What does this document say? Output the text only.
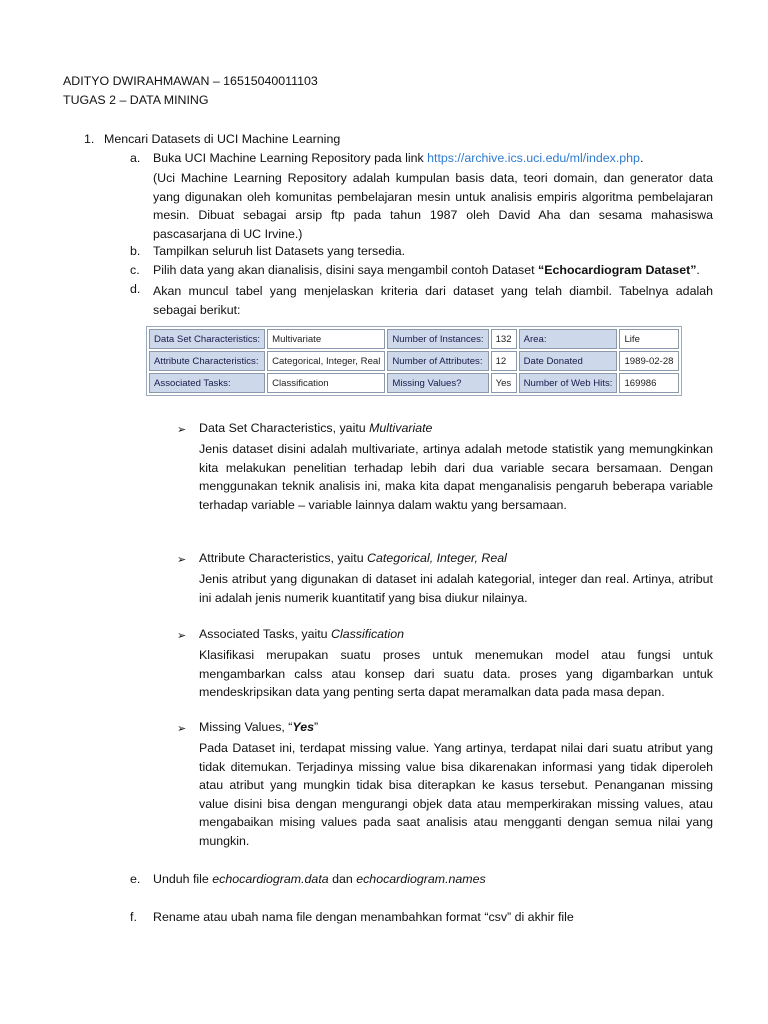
ADITYO DWIRAHMAWAN – 16515040011103
TUGAS 2 – DATA MINING
1. Mencari Datasets di UCI Machine Learning
a. Buka UCI Machine Learning Repository pada link https://archive.ics.uci.edu/ml/index.php.
(Uci Machine Learning Repository adalah kumpulan basis data, teori domain, dan generator data yang digunakan oleh komunitas pembelajaran mesin untuk analisis empiris algoritma pembelajaran mesin. Dibuat sebagai arsip ftp pada tahun 1987 oleh David Aha dan sesama mahasiswa pascasarjana di UC Irvine.)
b. Tampilkan seluruh list Datasets yang tersedia.
c. Pilih data yang akan dianalisis, disini saya mengambil contoh Dataset “Echocardiogram Dataset”.
d. Akan muncul tabel yang menjelaskan kriteria dari dataset yang telah diambil. Tabelnya adalah sebagai berikut:
Data Set Characteristics:	Multivariate	Number of Instances:	132	Area:	Life
Attribute Characteristics:	Categorical, Integer, Real	Number of Attributes:	12	Date Donated	1989-02-28
Associated Tasks:	Classification	Missing Values?	Yes	Number of Web Hits:	169986
➢ Data Set Characteristics, yaitu Multivariate
Jenis dataset disini adalah multivariate, artinya adalah metode statistik yang memungkinkan kita melakukan penelitian terhadap lebih dari dua variable secara bersamaan. Dengan menggunakan teknik analisis ini, maka kita dapat menganalisis pengaruh beberapa variable terhadap variable – variable lainnya dalam waktu yang bersamaan.
➢ Attribute Characteristics, yaitu Categorical, Integer, Real
Jenis atribut yang digunakan di dataset ini adalah kategorial, integer dan real. Artinya, atribut ini adalah jenis numerik kuantitatif yang bisa diukur nilainya.
➢ Associated Tasks, yaitu Classification
Klasifikasi merupakan suatu proses untuk menemukan model atau fungsi untuk mengambarkan calss atau konsep dari suatu data. proses yang digambarkan untuk mendeskripsikan data yang penting serta dapat meramalkan data pada masa depan.
➢ Missing Values, “Yes”
Pada Dataset ini, terdapat missing value. Yang artinya, terdapat nilai dari suatu atribut yang tidak ditemukan. Terjadinya missing value bisa dikarenakan informasi yang tidak diperoleh atau atribut yang mungkin tidak bisa diterapkan ke kasus tersebut. Penanganan missing value disini bisa dengan mengurangi objek data atau memperkirakan missing values, atau mengabaikan mising values pada saat analisis atau mengganti dengan semua nilai yang mungkin.
e. Unduh file echocardiogram.data dan echocardiogram.names
f. Rename atau ubah nama file dengan menambahkan format “csv” di akhir file
